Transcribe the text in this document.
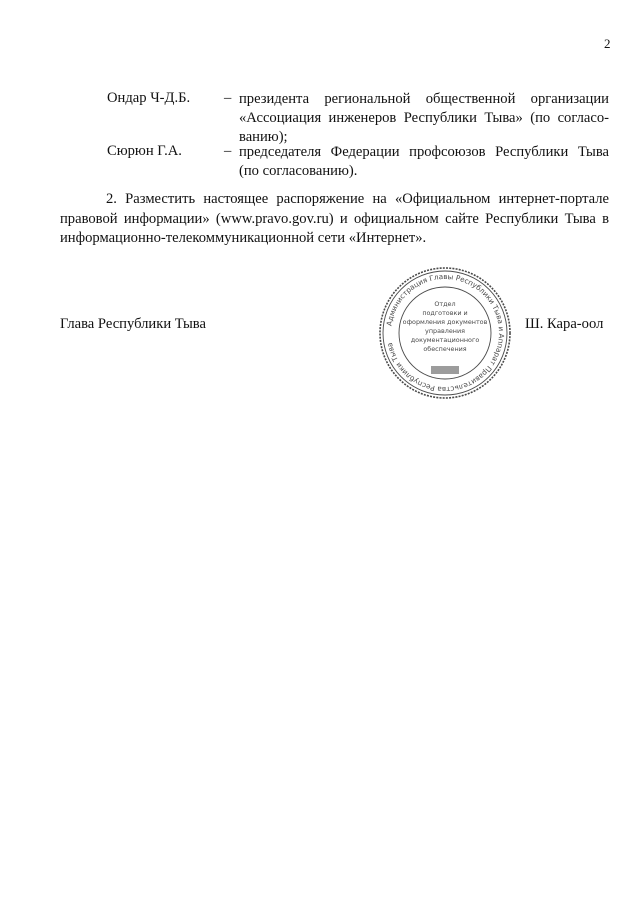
2
Ондар Ч-Д.Б. – президента региональной общественной организации
«Ассоциация инженеров Республики Тыва» (по согласо-
ванию);
Сюрюн Г.А.	– председателя Федерации профсоюзов Республики Тыва
(по согласованию).
2. Разместить настоящее распоряжение на «Официальном интернет-портале
правовой информации» (www.pravo.gov.ru) и официальном сайте Республики Тыва в
информационно-телекоммуникационной сети «Интернет».
Глава Республики Тыва	Ш. Кара-оол
Администрация Главы Республики Тыва и Аппарат Правительства Республики Тыва
Отдел
подготовки и
оформления документов
управления
документационного
обеспечения
